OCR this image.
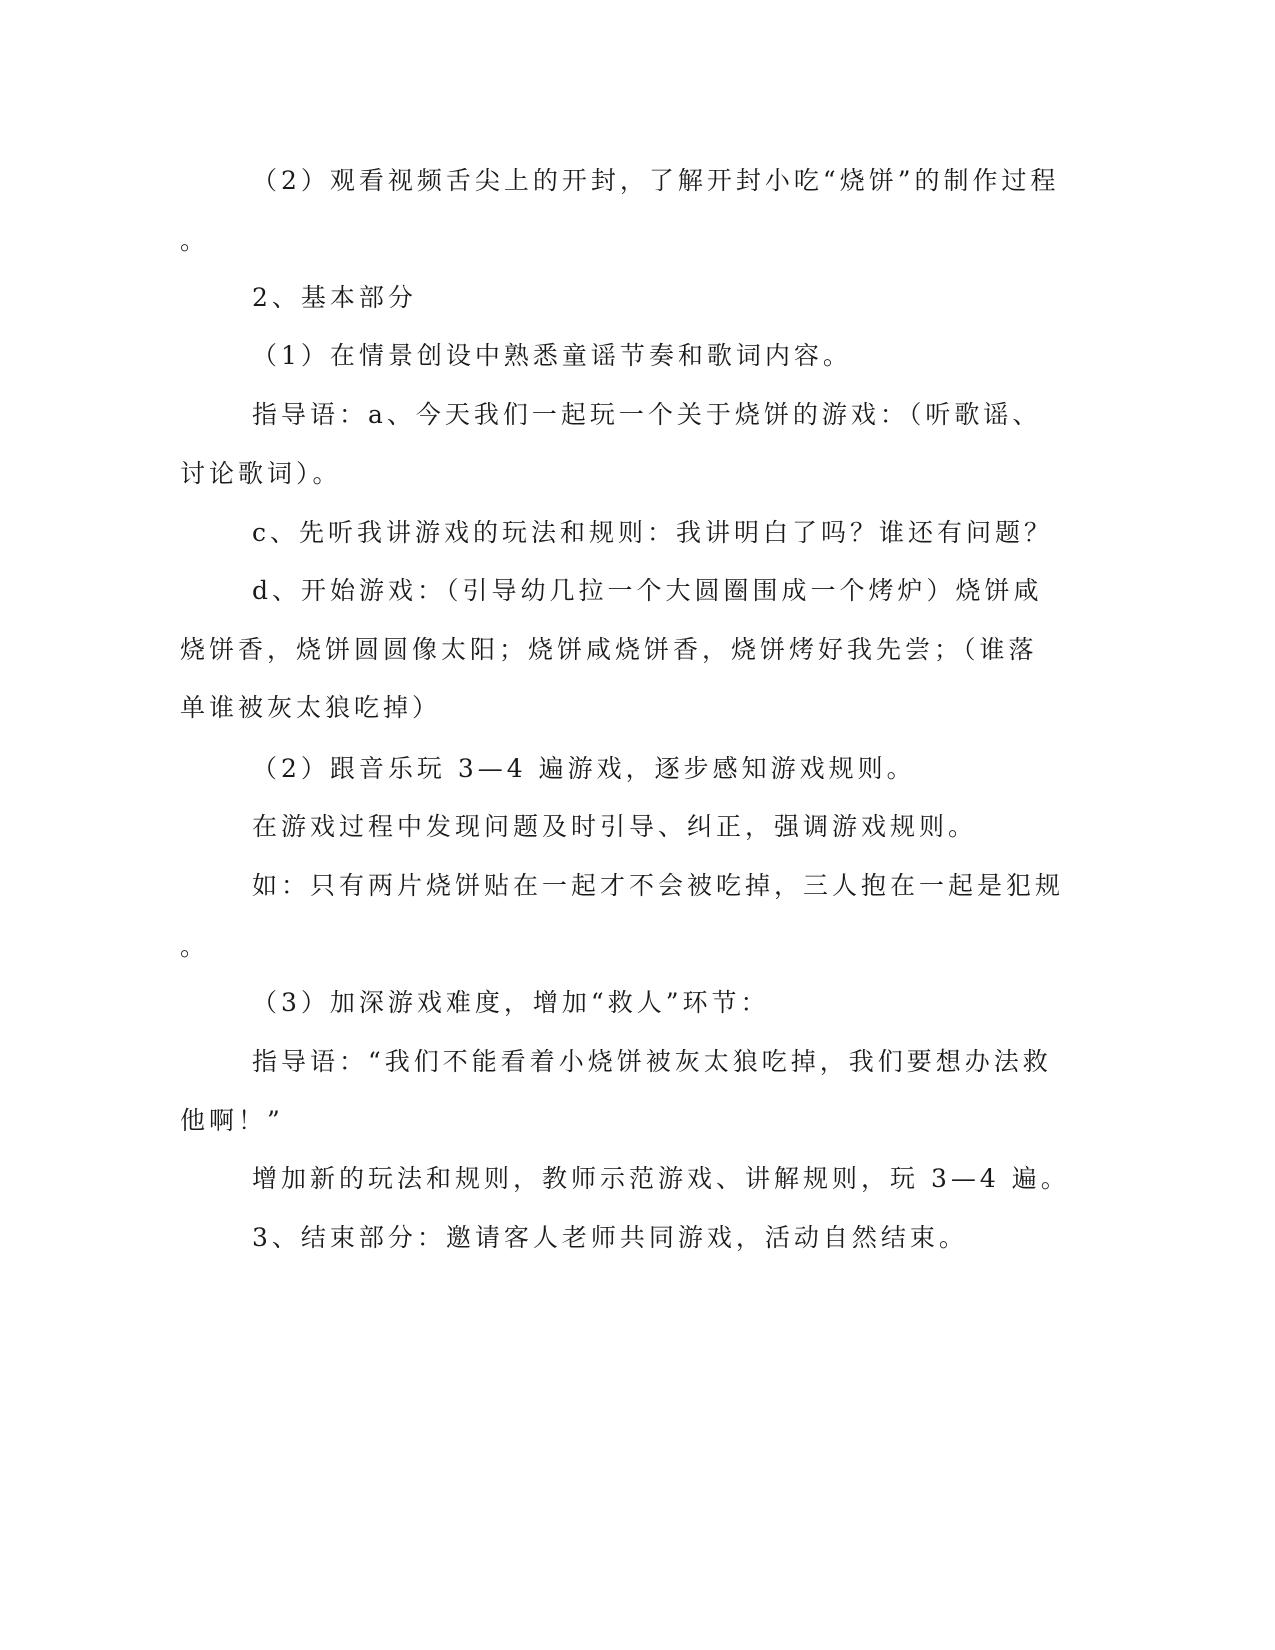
（2）观看视频舌尖上的开封，了解开封小吃“烧饼”的制作过程
。
2、基本部分
（1）在情景创设中熟悉童谣节奏和歌词内容。
指导语：a、今天我们一起玩一个关于烧饼的游戏：（听歌谣、
讨论歌词）。
c、先听我讲游戏的玩法和规则：我讲明白了吗？谁还有问题？
d、开始游戏：（引导幼几拉一个大圆圈围成一个烤炉）烧饼咸
烧饼香，烧饼圆圆像太阳；烧饼咸烧饼香，烧饼烤好我先尝；（谁落
单谁被灰太狼吃掉）
（2）跟音乐玩 3—4 遍游戏，逐步感知游戏规则。
在游戏过程中发现问题及时引导、纠正，强调游戏规则。
如：只有两片烧饼贴在一起才不会被吃掉，三人抱在一起是犯规
。
（3）加深游戏难度，增加“救人”环节：
指导语：“我们不能看着小烧饼被灰太狼吃掉，我们要想办法救
他啊！”
增加新的玩法和规则，教师示范游戏、讲解规则，玩 3—4 遍。
3、结束部分：邀请客人老师共同游戏，活动自然结束。
